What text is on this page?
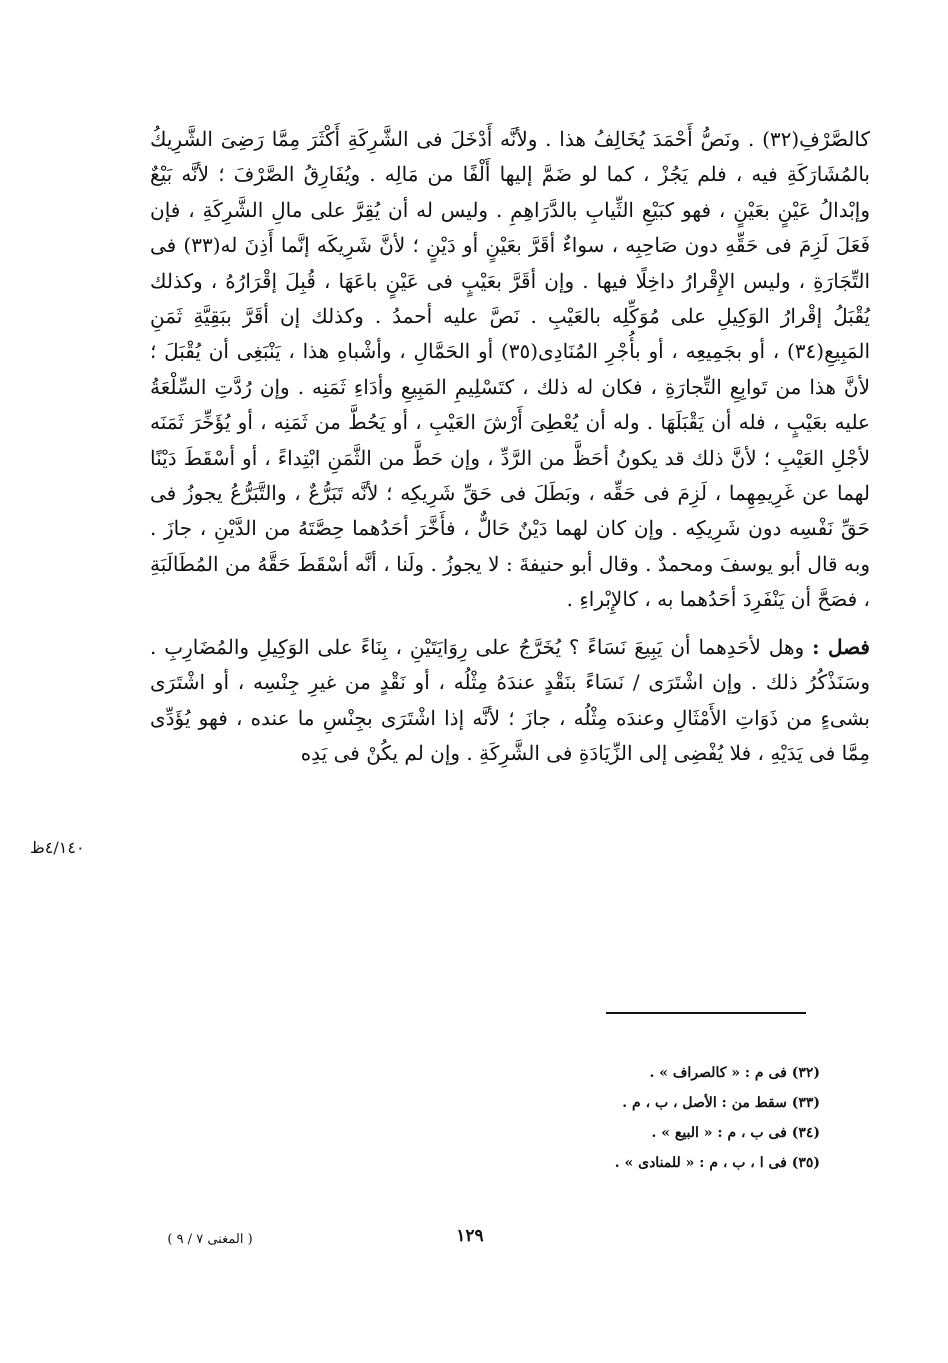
كالصَّرْفِ(٣٢) . ونَصُّ أَحْمَدَ يُخَالِفُ هذا . ولأنَّه أَدْخَلَ فى الشَّرِكَةِ أَكْثَرَ مِمَّا رَضِىَ الشَّرِيكُ بالمُشَارَكَةِ فيه ، فلم يَجُزْ ، كما لو ضَمَّ إليها أَلْفًا من مَالِه . ويُفَارِقُ الصَّرْفَ ؛ لأنَّه بَيْعٌ وإبْدالُ عَيْنٍ بعَيْنٍ ، فهو كبَيْعِ الثِّيابِ بالدَّرَاهِمِ . وليس له أن يُقِرَّ على مالِ الشَّرِكَةِ ، فإن فَعَلَ لَزِمَ فى حَقِّهِ دون صَاحِبِه ، سواءٌ أقَرَّ بعَيْنٍ أو دَيْنٍ ؛ لأنَّ شَرِيكَه إنَّما أَذِنَ له(٣٣) فى التِّجَارَةِ ، وليس الإِقْرارُ داخِلًا فيها . وإن أقَرَّ بعَيْبٍ فى عَيْنٍ باعَهَا ، قُبِلَ إقْرَارُهُ ، وكذلك يُقْبَلُ إقْرارُ الوَكِيلِ على مُوَكِّلِه بالعَيْبِ . نَصَّ عليه أحمدُ . وكذلك إن أقَرَّ ببَقِيَّةِ ثَمَنِ المَبِيعِ(٣٤) ، أو بجَمِيعِه ، أو بأُجْرِ المُنَادِى(٣٥) أو الحَمَّالِ ، وأشْباهِ هذا ، يَنْبَغِى أن يُقْبَلَ ؛ لأنَّ هذا من تَوابِعِ التِّجارَةِ ، فكان له ذلك ، كتَسْلِيمِ المَبِيعِ وأدَاءِ ثَمَنِه . وإن رُدَّتِ السِّلْعَةُ عليه بعَيْبٍ ، فله أن يَقْبَلَهَا . وله أن يُعْطِىَ أَرْشَ العَيْبِ ، أو يَحُطَّ من ثَمَنِه ، أو يُؤَخِّرَ ثَمَنَه لأجْلِ العَيْبِ ؛ لأنَّ ذلك قد يكونُ أحَظَّ من الرَّدِّ ، وإن حَطَّ من الثَّمَنِ ابْتِداءً ، أو أسْقَطَ دَيْنًا لهما عن غَرِيمِهِما ، لَزِمَ فى حَقِّه ، وبَطَلَ فى حَقِّ شَرِيكِه ؛ لأنَّه تَبَرُّعٌ ، والتَّبَرُّعُ يجوزُ فى حَقِّ نَفْسِه دون شَرِيكِه . وإن كان لهما دَيْنٌ حَالٌّ ، فأَخَّرَ أحَدُهما حِصَّتَهُ من الدَّيْنِ ، جازَ . وبه قال أبو يوسفَ ومحمدٌ . وقال أبو حنيفةَ : لا يجوزُ . ولَنا ، أنَّه أسْقَطَ حَقَّهُ من المُطَالَبَةِ ، فصَحَّ أن يَنْفَرِدَ أحَدُهما به ، كالإِبْراءِ .

فصل : وهل لأحَدِهما أن يَبِيعَ نَسَاءً ؟ يُخَرَّجُ على رِوَايَتَيْنِ ، بِنَاءً على الوَكِيلِ والمُضَارِبِ . وسَنَذْكُرُ ذلك . وإن اشْتَرَى / نَسَاءً بنَقْدٍ عندَهُ مِثْلُه ، أو نَقْدٍ من غيرِ جِنْسِه ، أو اشْتَرَى بشىءٍ من ذَوَاتِ الأَمْثَالِ وعندَه مِثْلُه ، جازَ ؛ لأنَّه إذا اشْتَرَى بجِنْسِ ما عنده ، فهو يُؤَدِّى مِمَّا فى يَدَيْهِ ، فلا يُفْضِى إلى الزِّيَادَةِ فى الشَّرِكَةِ . وإن لم يكُنْ فى يَدِه

٤/١٤٠ظ
(٣٢) فى م : « كالصراف » .
(٣٣) سقط من : الأصل ، ب ، م .
(٣٤) فى ب ، م : « البيع » .
(٣٥) فى ا ، ب ، م : « للمنادى » .
١٢٩
( المغنى ٧ / ٩ )
